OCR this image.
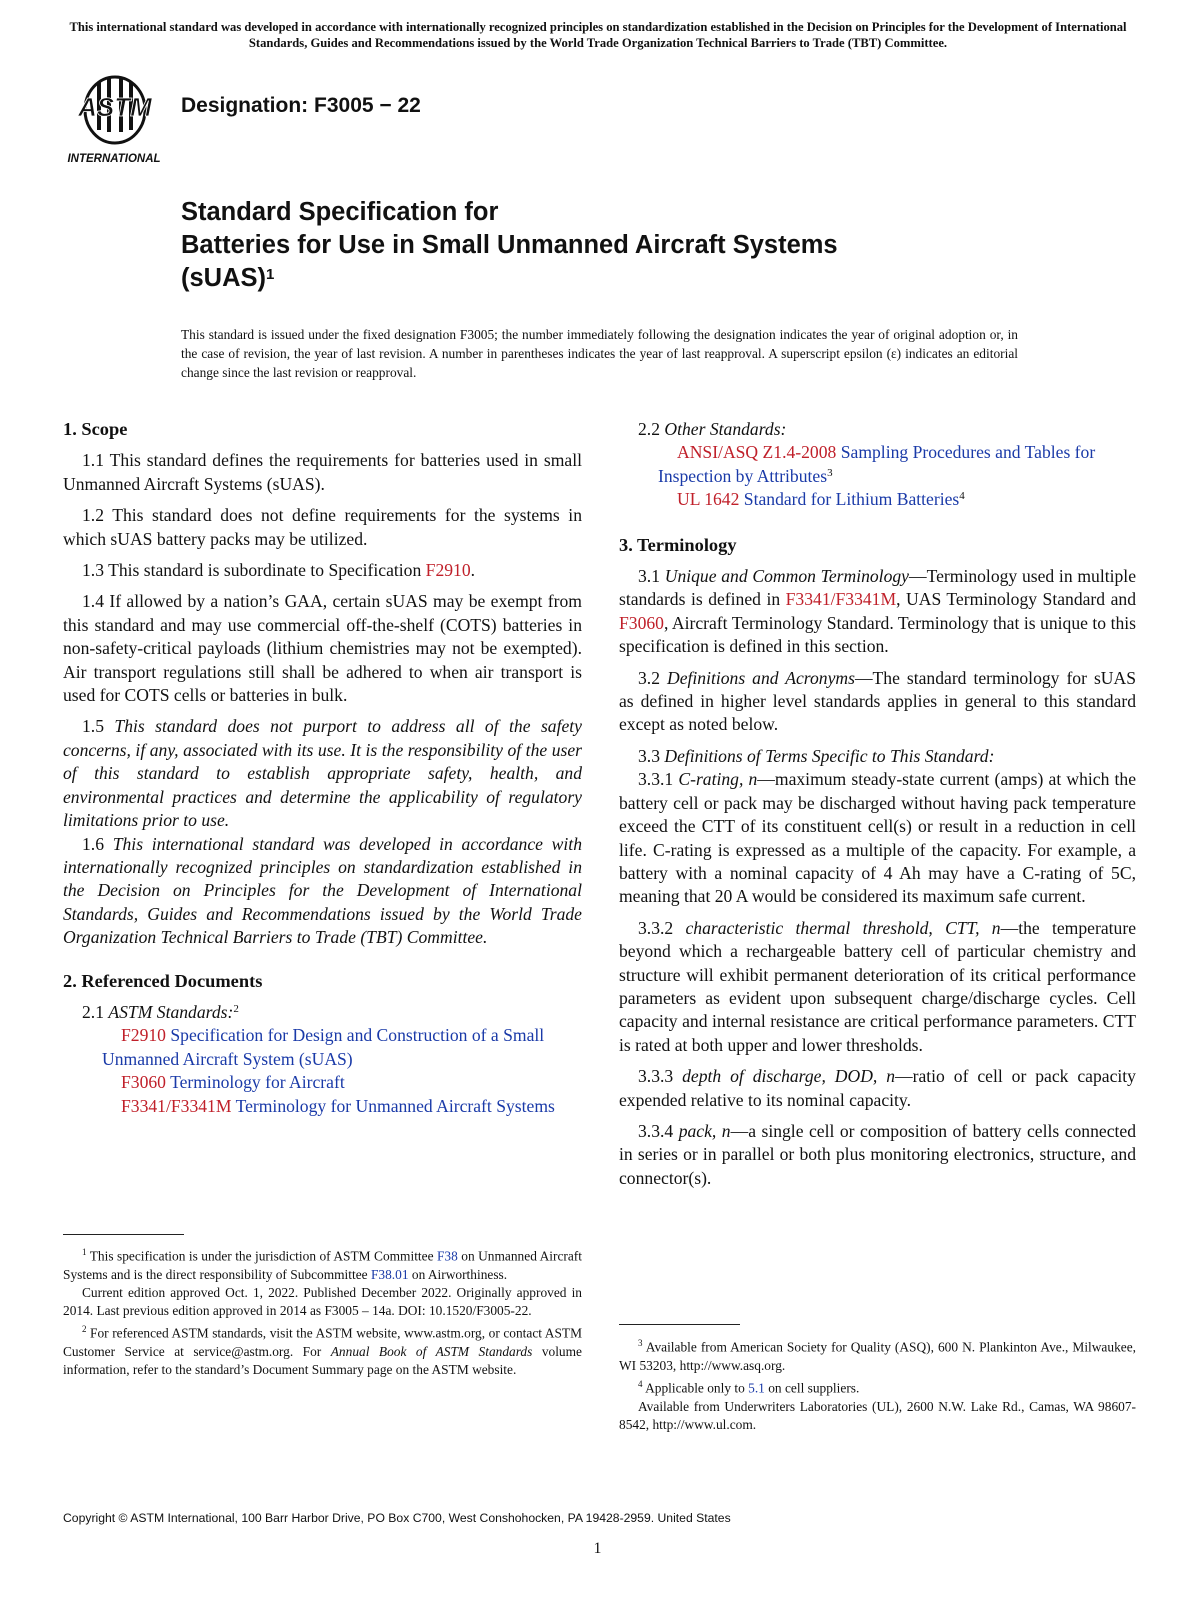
This international standard was developed in accordance with internationally recognized principles on standardization established in the Decision on Principles for the Development of International Standards, Guides and Recommendations issued by the World Trade Organization Technical Barriers to Trade (TBT) Committee.
ASTM
INTERNATIONAL
Designation: F3005 − 22
Standard Specification for
Batteries for Use in Small Unmanned Aircraft Systems
(sUAS)$^1$
This standard is issued under the fixed designation F3005; the number immediately following the designation indicates the year of original adoption or, in the case of revision, the year of last revision. A number in parentheses indicates the year of last reapproval. A superscript epsilon (ε) indicates an editorial change since the last revision or reapproval.

1. Scope

1.1 This standard defines the requirements for batteries used in small Unmanned Aircraft Systems (sUAS).

1.2 This standard does not define requirements for the systems in which sUAS battery packs may be utilized.

1.3 This standard is subordinate to Specification F2910.

1.4 If allowed by a nation’s GAA, certain sUAS may be exempt from this standard and may use commercial off-the-shelf (COTS) batteries in non-safety-critical payloads (lithium chemistries may not be exempted). Air transport regulations still shall be adhered to when air transport is used for COTS cells or batteries in bulk.

1.5 This standard does not purport to address all of the safety concerns, if any, associated with its use. It is the responsibility of the user of this standard to establish appropriate safety, health, and environmental practices and determine the applicability of regulatory limitations prior to use.

1.6 This international standard was developed in accordance with internationally recognized principles on standardization established in the Decision on Principles for the Development of International Standards, Guides and Recommendations issued by the World Trade Organization Technical Barriers to Trade (TBT) Committee.

2. Referenced Documents

2.1 ASTM Standards:$^2$

F2910 Specification for Design and Construction of a Small Unmanned Aircraft System (sUAS)

F3060 Terminology for Aircraft

F3341/F3341M Terminology for Unmanned Aircraft Systems

2.2 Other Standards:

ANSI/ASQ Z1.4-2008 Sampling Procedures and Tables for Inspection by Attributes$^3$

UL 1642 Standard for Lithium Batteries$^4$

3. Terminology

3.1 Unique and Common Terminology—Terminology used in multiple standards is defined in F3341/F3341M, UAS Terminology Standard and F3060, Aircraft Terminology Standard. Terminology that is unique to this specification is defined in this section.

3.2 Definitions and Acronyms—The standard terminology for sUAS as defined in higher level standards applies in general to this standard except as noted below.

3.3 Definitions of Terms Specific to This Standard:

3.3.1 C-rating, n—maximum steady-state current (amps) at which the battery cell or pack may be discharged without having pack temperature exceed the CTT of its constituent cell(s) or result in a reduction in cell life. C-rating is expressed as a multiple of the capacity. For example, a battery with a nominal capacity of 4 Ah may have a C-rating of 5C, meaning that 20 A would be considered its maximum safe current.

3.3.2 characteristic thermal threshold, CTT, n—the temperature beyond which a rechargeable battery cell of particular chemistry and structure will exhibit permanent deterioration of its critical performance parameters as evident upon subsequent charge/discharge cycles. Cell capacity and internal resistance are critical performance parameters. CTT is rated at both upper and lower thresholds.

3.3.3 depth of discharge, DOD, n—ratio of cell or pack capacity expended relative to its nominal capacity.

3.3.4 pack, n—a single cell or composition of battery cells connected in series or in parallel or both plus monitoring electronics, structure, and connector(s).

$^1$ This specification is under the jurisdiction of ASTM Committee F38 on Unmanned Aircraft Systems and is the direct responsibility of Subcommittee F38.01 on Airworthiness.

Current edition approved Oct. 1, 2022. Published December 2022. Originally approved in 2014. Last previous edition approved in 2014 as F3005 – 14a. DOI: 10.1520/F3005-22.

$^2$ For referenced ASTM standards, visit the ASTM website, www.astm.org, or contact ASTM Customer Service at service@astm.org. For Annual Book of ASTM Standards volume information, refer to the standard’s Document Summary page on the ASTM website.

$^3$ Available from American Society for Quality (ASQ), 600 N. Plankinton Ave., Milwaukee, WI 53203, http://www.asq.org.

$^4$ Applicable only to 5.1 on cell suppliers.

Available from Underwriters Laboratories (UL), 2600 N.W. Lake Rd., Camas, WA 98607-8542, http://www.ul.com.

Copyright © ASTM International, 100 Barr Harbor Drive, PO Box C700, West Conshohocken, PA 19428-2959. United States
1
